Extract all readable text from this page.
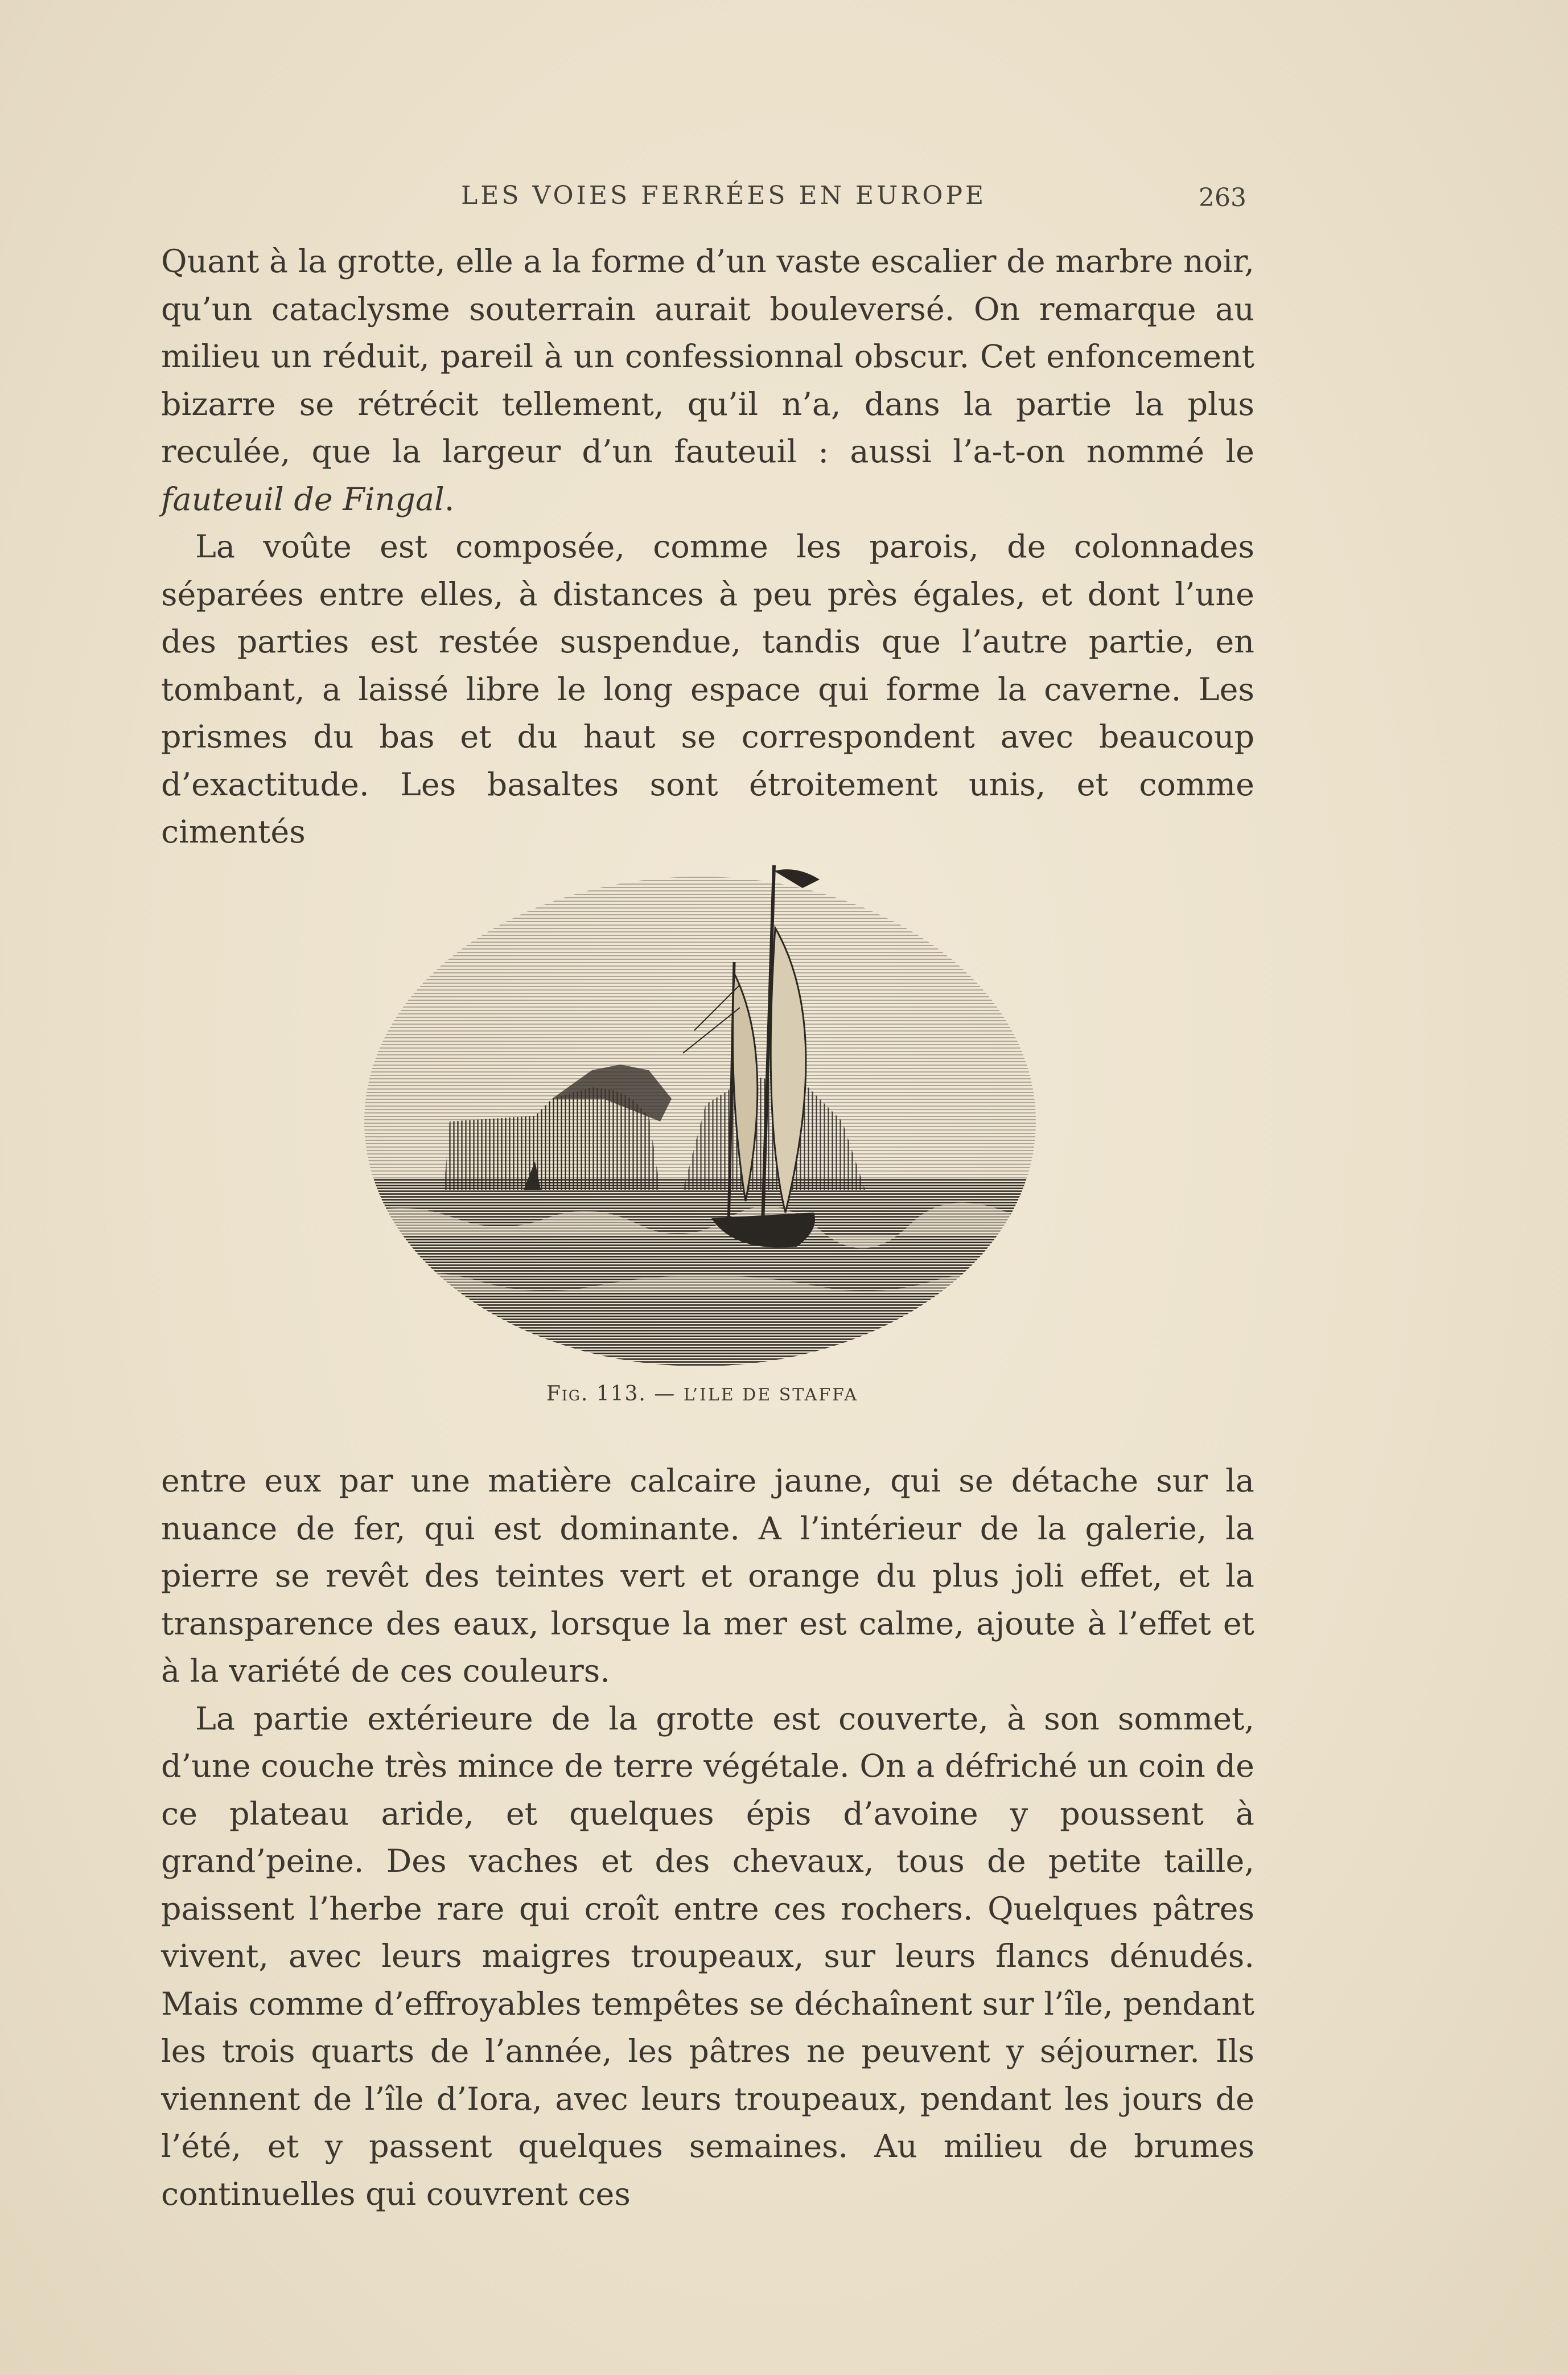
LES VOIES FERRÉES EN EUROPE	263

Quant à la grotte, elle a la forme d’un vaste escalier de marbre noir, qu’un cataclysme souterrain aurait bouleversé. On remarque au milieu un réduit, pareil à un confessionnal obscur. Cet enfoncement bizarre se rétrécit tellement, qu’il n’a, dans la partie la plus reculée, que la largeur d’un fauteuil : aussi l’a-t-on nommé le fauteuil de Fingal.

La voûte est composée, comme les parois, de colonnades séparées entre elles, à distances à peu près égales, et dont l’une des parties est restée suspendue, tandis que l’autre partie, en tombant, a laissé libre le long espace qui forme la caverne. Les prismes du bas et du haut se correspondent avec beaucoup d’exactitude. Les basaltes sont étroitement unis, et comme cimentés

Fig. 113. — L’ILE DE STAFFA

entre eux par une matière calcaire jaune, qui se détache sur la nuance de fer, qui est dominante. A l’intérieur de la galerie, la pierre se revêt des teintes vert et orange du plus joli effet, et la transparence des eaux, lorsque la mer est calme, ajoute à l’effet et à la variété de ces couleurs.

La partie extérieure de la grotte est couverte, à son sommet, d’une couche très mince de terre végétale. On a défriché un coin de ce plateau aride, et quelques épis d’avoine y poussent à grand’peine. Des vaches et des chevaux, tous de petite taille, paissent l’herbe rare qui croît entre ces rochers. Quelques pâtres vivent, avec leurs maigres troupeaux, sur leurs flancs dénudés. Mais comme d’effroyables tempêtes se déchaînent sur l’île, pendant les trois quarts de l’année, les pâtres ne peuvent y séjourner. Ils viennent de l’île d’Iora, avec leurs troupeaux, pendant les jours de l’été, et y passent quelques semaines. Au milieu de brumes continuelles qui couvrent ces
